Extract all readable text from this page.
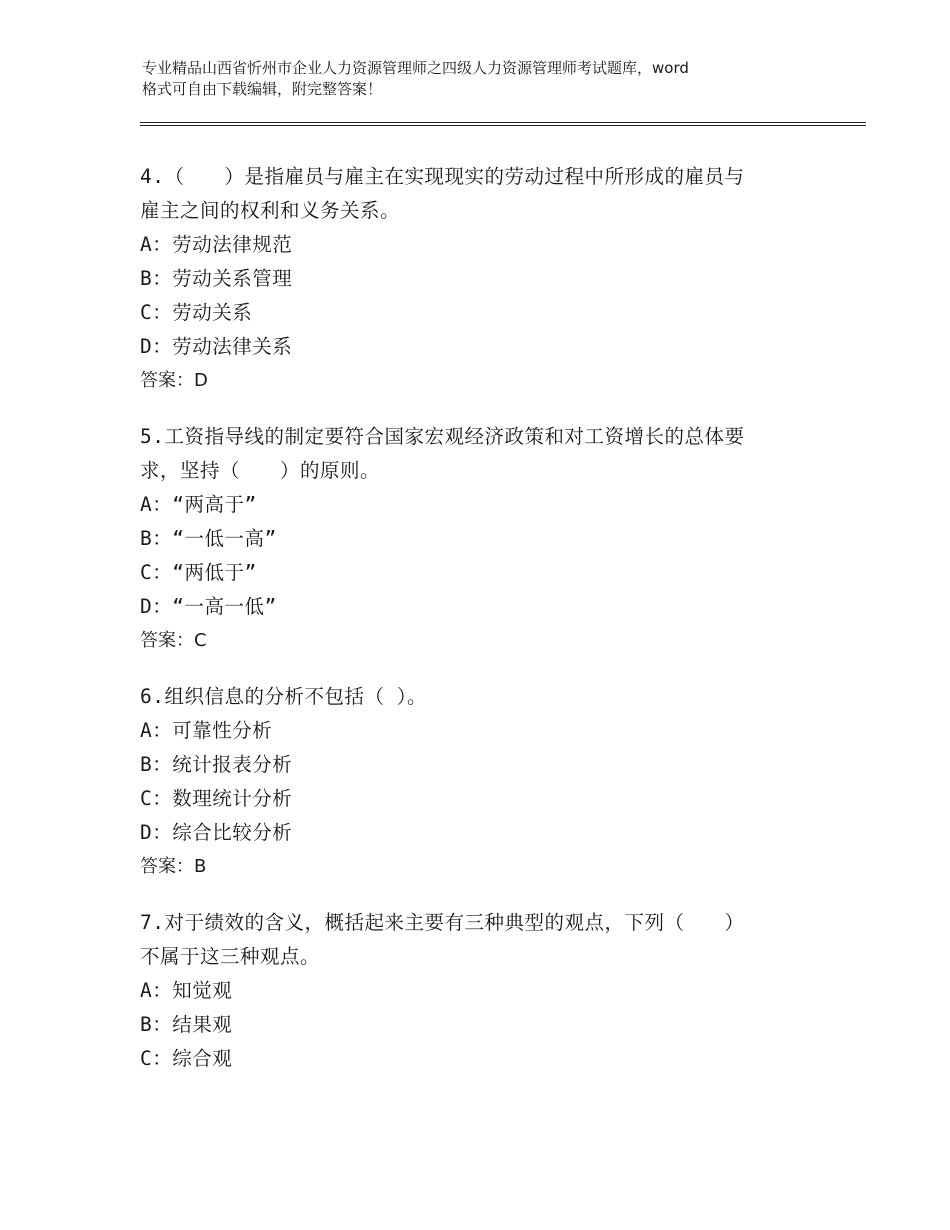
专业精品山西省忻州市企业人力资源管理师之四级人力资源管理师考试题库，word
格式可自由下载编辑，附完整答案！
4.（　　）是指雇员与雇主在实现现实的劳动过程中所形成的雇员与
雇主之间的权利和义务关系。
A：劳动法律规范
B：劳动关系管理
C：劳动关系
D：劳动法律关系
答案：D
5.工资指导线的制定要符合国家宏观经济政策和对工资增长的总体要
求，坚持（　　）的原则。
A：“两高于”
B：“一低一高”
C：“两低于”
D：“一高一低”
答案：C
6.组织信息的分析不包括（ ）。
A：可靠性分析
B：统计报表分析
C：数理统计分析
D：综合比较分析
答案：B
7.对于绩效的含义，概括起来主要有三种典型的观点，下列（　　）
不属于这三种观点。
A：知觉观
B：结果观
C：综合观
